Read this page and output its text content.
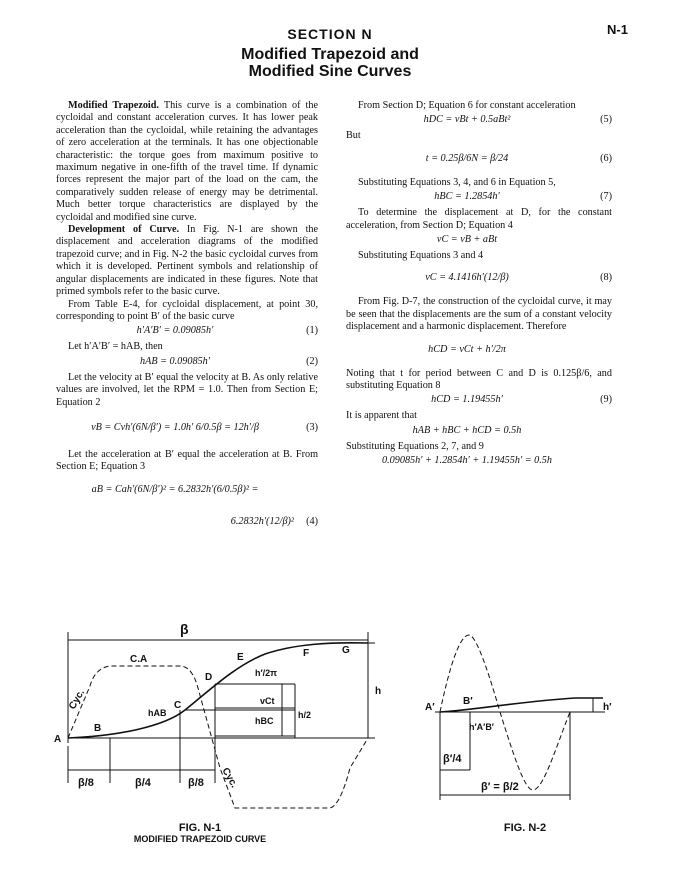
SECTION N	N-1
Modified Trapezoid and
Modified Sine Curves

Modified Trapezoid. This curve is a combination of the cycloidal and constant acceleration curves. It has lower peak acceleration than the cycloidal, while retaining the advantages of zero acceleration at the terminals. It has one objectionable characteristic: the torque goes from maximum positive to maximum negative in one-fifth of the travel time. If dynamic forces represent the major part of the load on the cam, the comparatively sudden release of energy may be detrimental. Much better torque characteristics are displayed by the cycloidal and modified sine curve.

Development of Curve. In Fig. N-1 are shown the displacement and acceleration diagrams of the modified trapezoid curve; and in Fig. N-2 the basic cycloidal curves from which it is developed. Pertinent symbols and relationship of angular displacements are indicated in these figures. Note that primed symbols refer to the basic curve.

From Table E-4, for cycloidal displacement, at point 30, corresponding to point B′ of the basic curve

h′A′B′ = 0.09085h′	(1)

Let h′A′B′ = hAB, then

hAB = 0.09085h′	(2)

Let the velocity at B′ equal the velocity at B. As only relative values are involved, let the RPM = 1.0. Then from Section E; Equation 2

vB = Cvh′(6N/β′) = 1.0h′ 6/0.5β = 12h′/β	(3)

Let the acceleration at B′ equal the acceleration at B. From Section E; Equation 3

aB = Cah′(6N/β′)² = 6.2832h′(6/0.5β)² =
6.2832h′(12/β)² (4)

From Section D; Equation 6 for constant acceleration

hDC = vBt + 0.5aBt²	(5)

But

t = 0.25β/6N = β/24	(6)

Substituting Equations 3, 4, and 6 in Equation 5,

hBC = 1.2854h′	(7)

To determine the displacement at D, for the constant acceleration, from Section D; Equation 4

vC = vB + aBt

Substituting Equations 3 and 4

vC = 4.1416h′(12/β)	(8)

From Fig. D-7, the construction of the cycloidal curve, it may be seen that the displacements are the sum of a constant velocity displacement and a harmonic displacement. Therefore

hCD = vCt + h′/2π

Noting that t for period between C and D is 0.125β/6, and substituting Equation 8

hCD = 1.19455h′	(9)

It is apparent that

hAB + hBC + hCD = 0.5h

Substituting Equations 2, 7, and 9

0.09085h′ + 1.2854h′ + 1.19455h′ = 0.5h
β
A
B
C
D
E	F	G
h
C.A
Cyc.
Cyc.
hAB
hBC
vCt
h/2
h′/2π
β/8	β/4	β/8
FIG. N-1
MODIFIED TRAPEZOID CURVE
A′
B′
h′
h′A′B′
β′/4
β′ = β/2
FIG. N-2
